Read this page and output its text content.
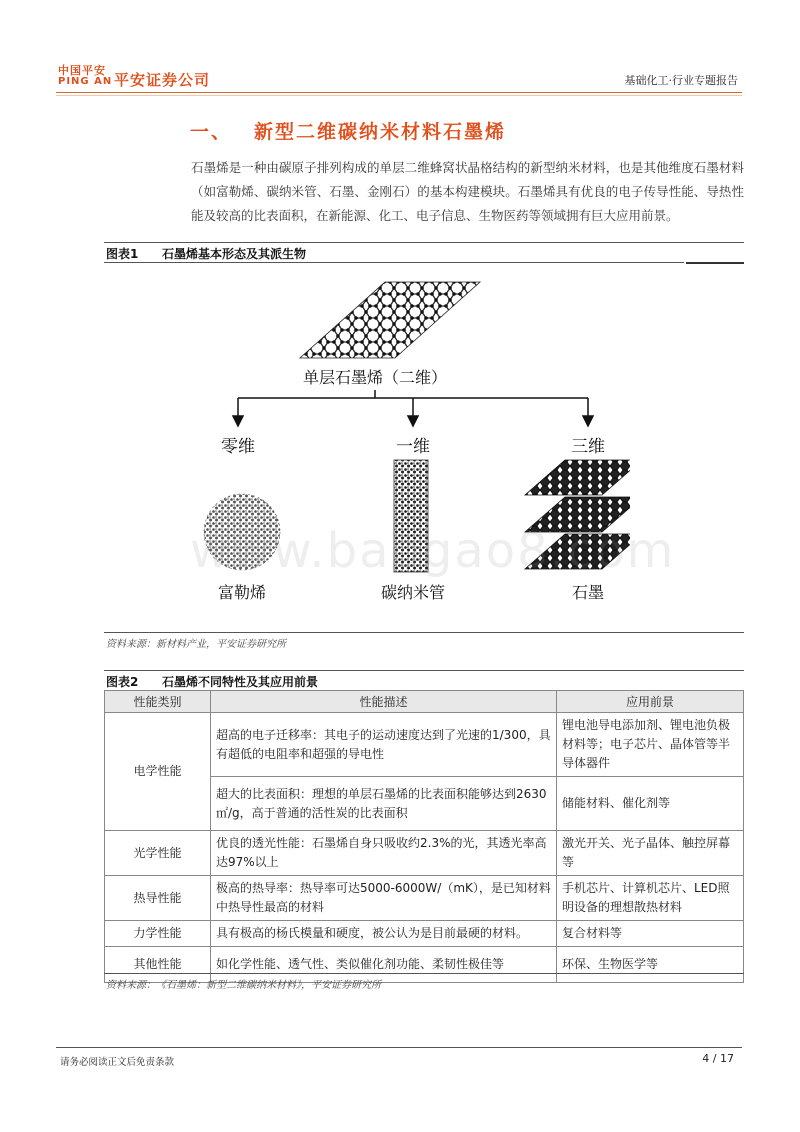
中国平安
PING AN 平安证券公司	基础化工·行业专题报告
一、 新型二维碳纳米材料石墨烯
石墨烯是一种由碳原子排列构成的单层二维蜂窝状晶格结构的新型纳米材料，也是其他维度石墨材料（如富勒烯、碳纳米管、石墨、金刚石）的基本构建模块。石墨烯具有优良的电子传导性能、导热性能及较高的比表面积，在新能源、化工、电子信息、生物医药等领域拥有巨大应用前景。
图表1 石墨烯基本形态及其派生物
单层石墨烯（二维）
零维	一维	三维
富勒烯	碳纳米管	石墨
资料来源：新材料产业，平安证券研究所
图表2 石墨烯不同特性及其应用前景
性能类别	性能描述	应用前景
电学性能	超高的电子迁移率：其电子的运动速度达到了光速的1/300，具有超低的电阻率和超强的导电性	锂电池导电添加剂、锂电池负极材料等；电子芯片、晶体管等半导体器件
	超大的比表面积：理想的单层石墨烯的比表面积能够达到2630 ㎡/g，高于普通的活性炭的比表面积	储能材料、催化剂等
光学性能	优良的透光性能：石墨烯自身只吸收约2.3%的光，其透光率高达97%以上	激光开关、光子晶体、触控屏幕等
热导性能	极高的热导率：热导率可达5000-6000W/（mK），是已知材料中热导性最高的材料	手机芯片、计算机芯片、LED照明设备的理想散热材料
力学性能	具有极高的杨氏模量和硬度，被公认为是目前最硬的材料。	复合材料等
其他性能	如化学性能、透气性、类似催化剂功能、柔韧性极佳等	环保、生物医学等
资料来源：《石墨烯：新型二维碳纳米材料》，平安证券研究所
www.baogao8.com
请务必阅读正文后免责条款	4 / 17
